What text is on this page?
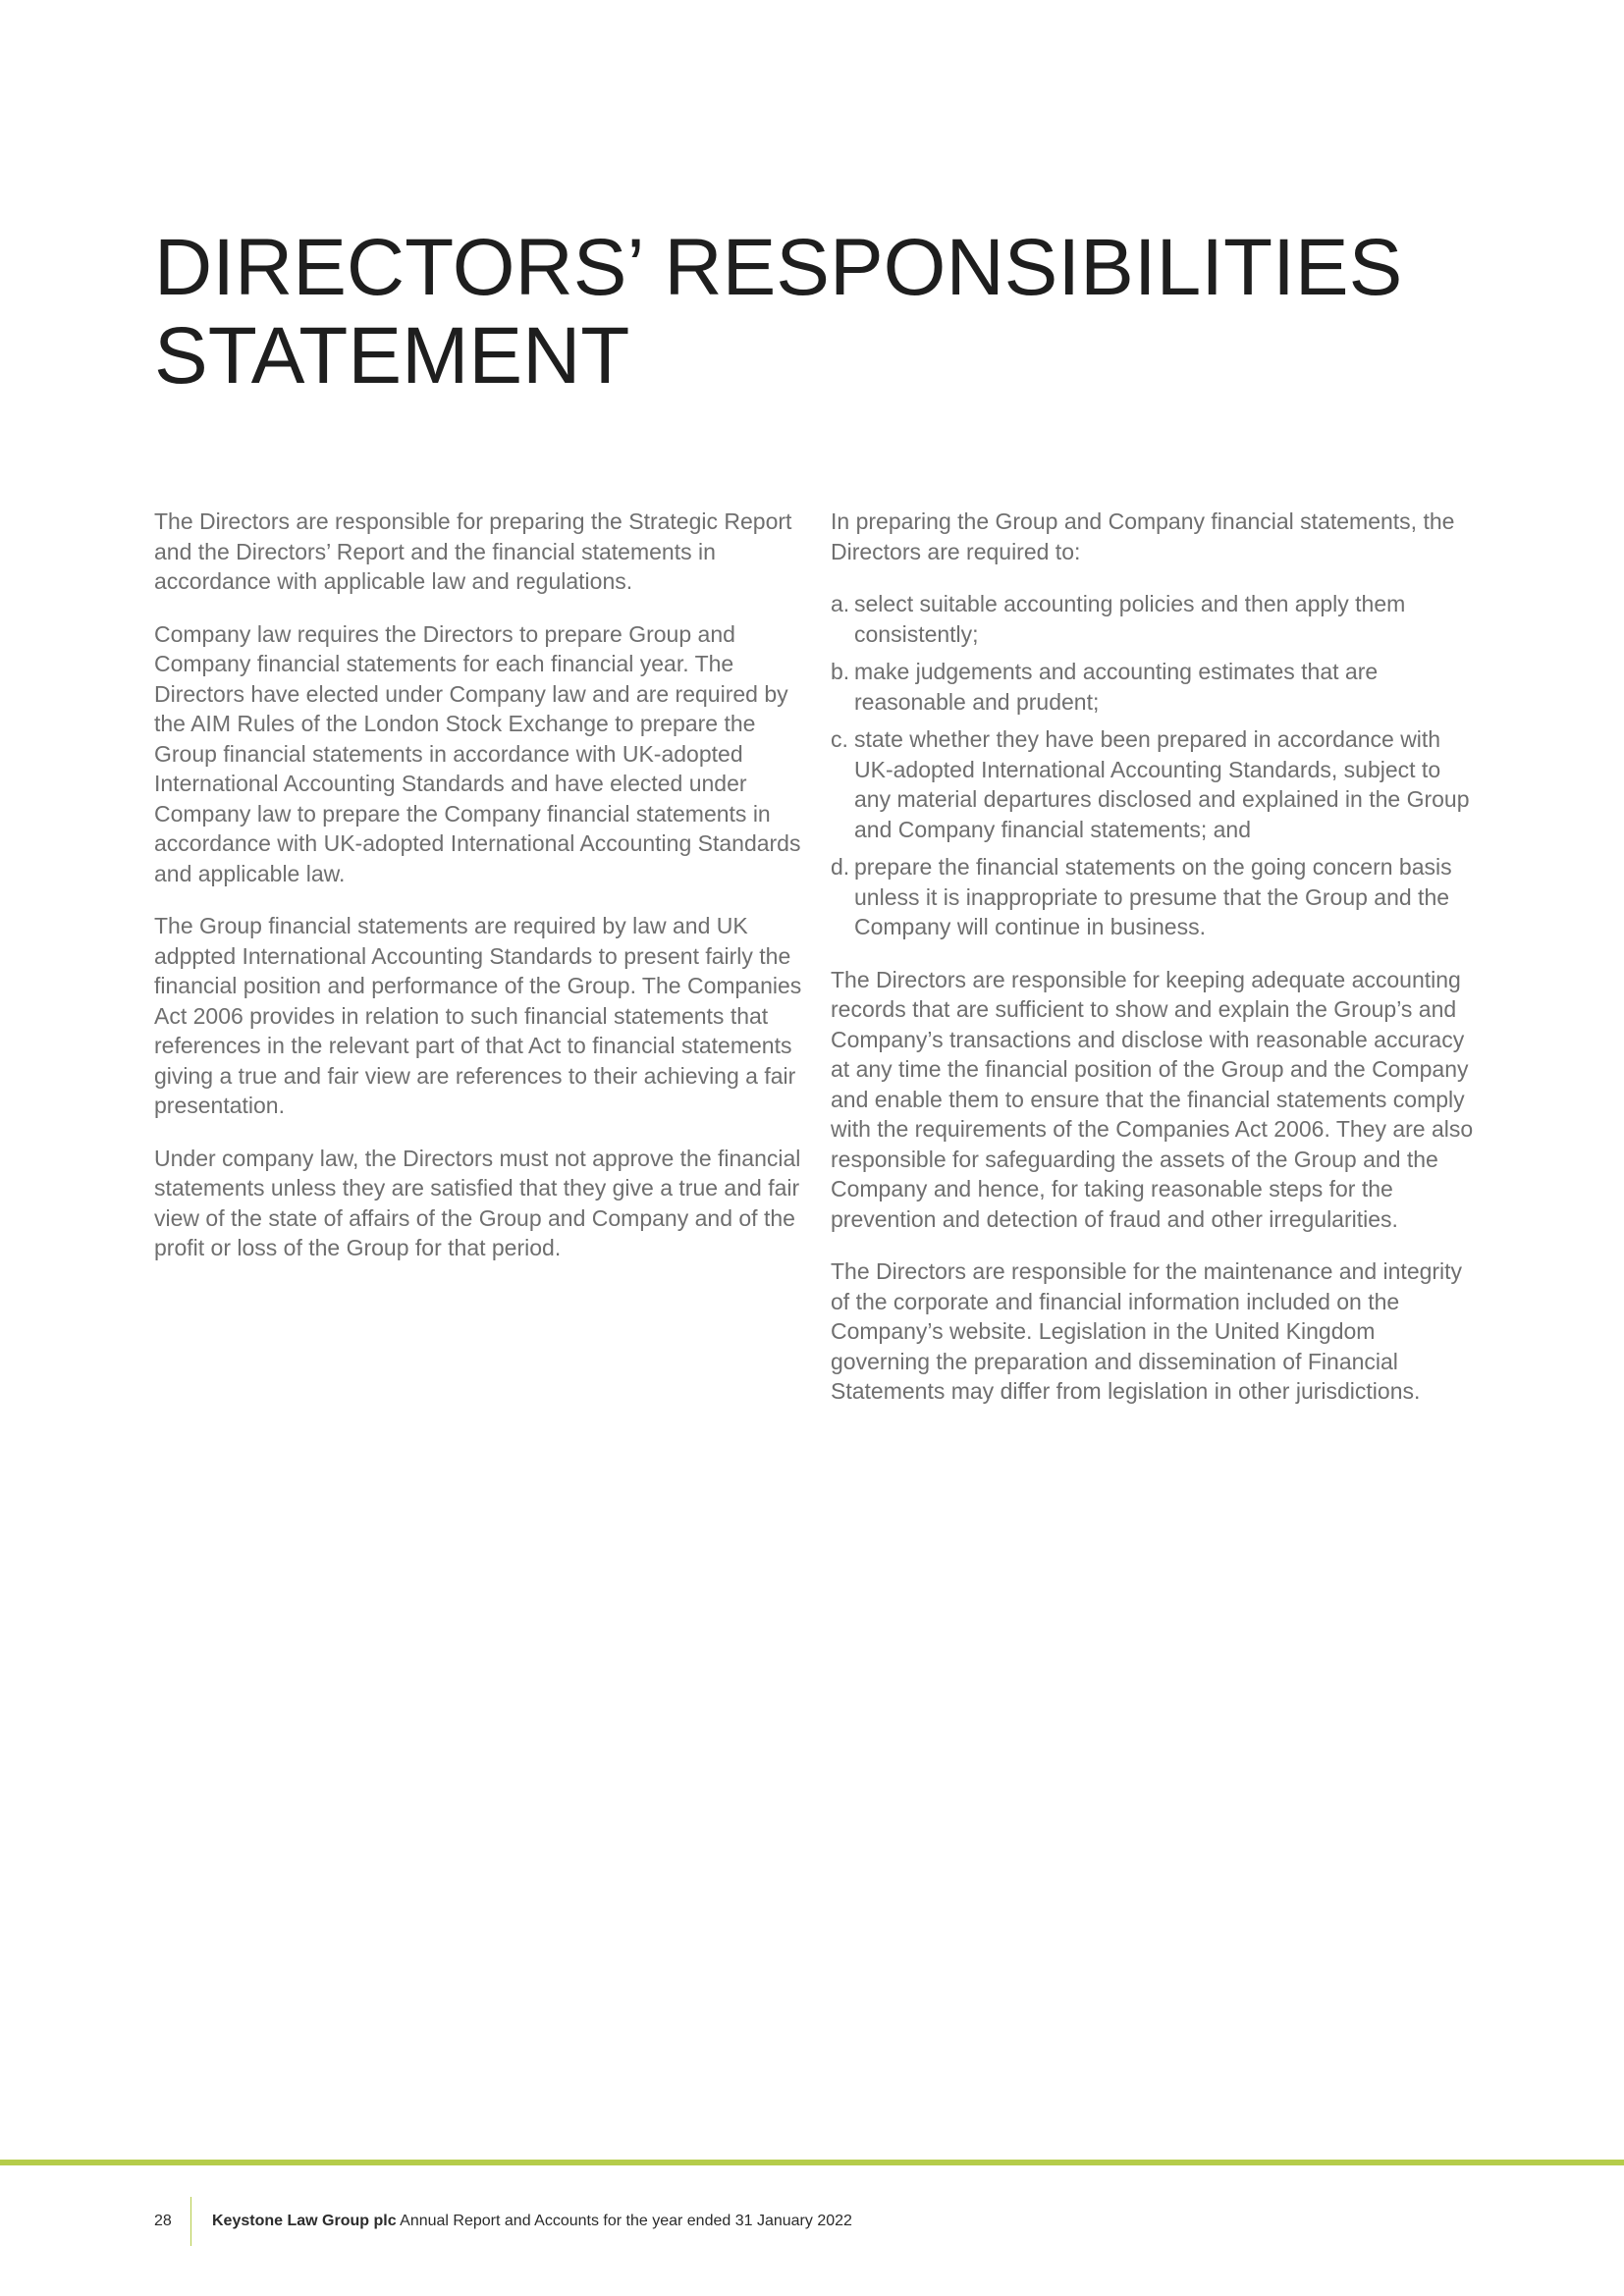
DIRECTORS’ RESPONSIBILITIES
STATEMENT

The Directors are responsible for preparing the Strategic Report and the Directors’ Report and the financial statements in accordance with applicable law and regulations.

Company law requires the Directors to prepare Group and Company financial statements for each financial year. The Directors have elected under Company law and are required by the AIM Rules of the London Stock Exchange to prepare the Group financial statements in accordance with UK-adopted International Accounting Standards and have elected under Company law to prepare the Company financial statements in accordance with UK-adopted International Accounting Standards and applicable law.

The Group financial statements are required by law and UK adppted International Accounting Standards to present fairly the financial position and performance of the Group. The Companies Act 2006 provides in relation to such financial statements that references in the relevant part of that Act to financial statements giving a true and fair view are references to their achieving a fair presentation.

Under company law, the Directors must not approve the financial statements unless they are satisfied that they give a true and fair view of the state of affairs of the Group and Company and of the profit or loss of the Group for that period.

In preparing the Group and Company financial statements, the Directors are required to:

a. select suitable accounting policies and then apply them consistently;
b. make judgements and accounting estimates that are reasonable and prudent;
c. state whether they have been prepared in accordance with UK-adopted International Accounting Standards, subject to any material departures disclosed and explained in the Group and Company financial statements; and
d. prepare the financial statements on the going concern basis unless it is inappropriate to presume that the Group and the Company will continue in business.

The Directors are responsible for keeping adequate accounting records that are sufficient to show and explain the Group’s and Company’s transactions and disclose with reasonable accuracy at any time the financial position of the Group and the Company and enable them to ensure that the financial statements comply with the requirements of the Companies Act 2006. They are also responsible for safeguarding the assets of the Group and the Company and hence, for taking reasonable steps for the prevention and detection of fraud and other irregularities.

The Directors are responsible for the maintenance and integrity of the corporate and financial information included on the Company’s website. Legislation in the United Kingdom governing the preparation and dissemination of Financial Statements may differ from legislation in other jurisdictions.

28	Keystone Law Group plc Annual Report and Accounts for the year ended 31 January 2022
